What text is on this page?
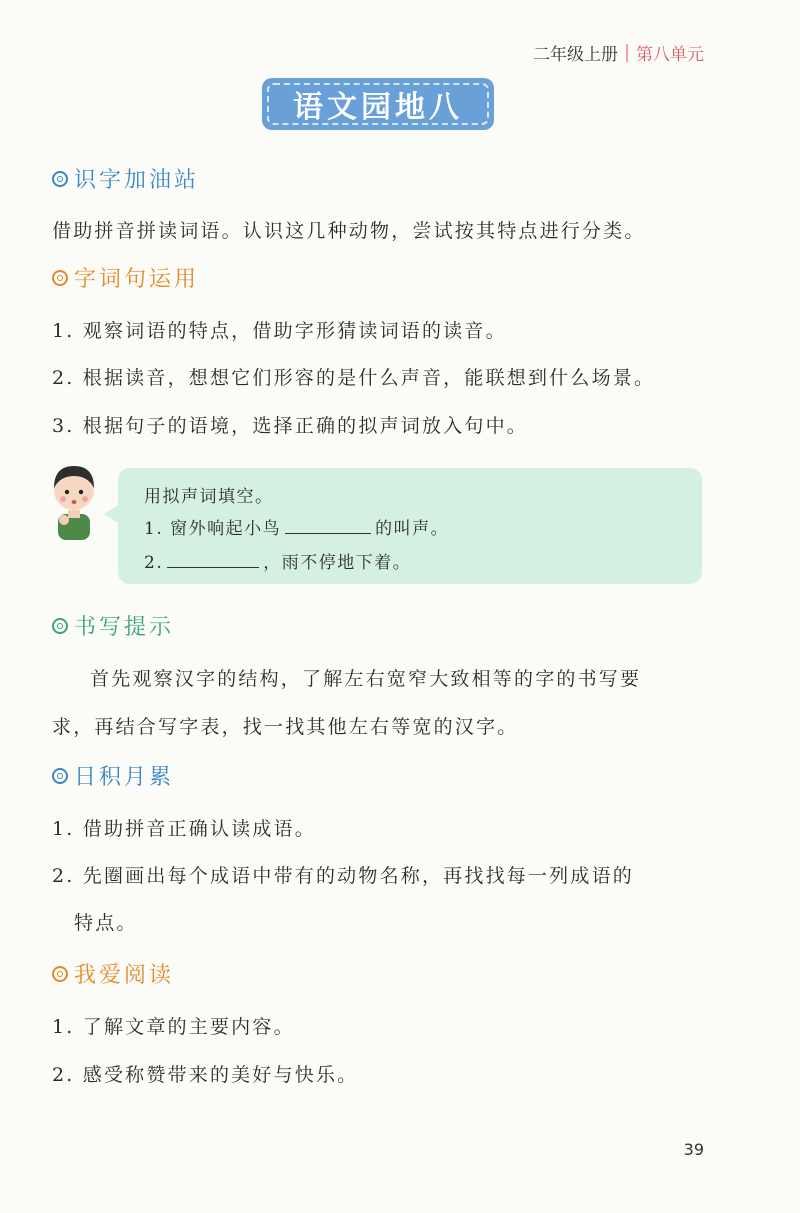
二年级上册 第八单元
语文园地八
识字加油站
借助拼音拼读词语。认识这几种动物，尝试按其特点进行分类。
字词句运用
1. 观察词语的特点，借助字形猜读词语的读音。
2. 根据读音，想想它们形容的是什么声音，能联想到什么场景。
3. 根据句子的语境，选择正确的拟声词放入句中。
用拟声词填空。
1. 窗外响起小鸟	的叫声。
2.	，雨不停地下着。
书写提示
首先观察汉字的结构，了解左右宽窄大致相等的字的书写要
求，再结合写字表，找一找其他左右等宽的汉字。
日积月累
1. 借助拼音正确认读成语。
2. 先圈画出每个成语中带有的动物名称，再找找每一列成语的
特点。
我爱阅读
1. 了解文章的主要内容。
2. 感受称赞带来的美好与快乐。
39
